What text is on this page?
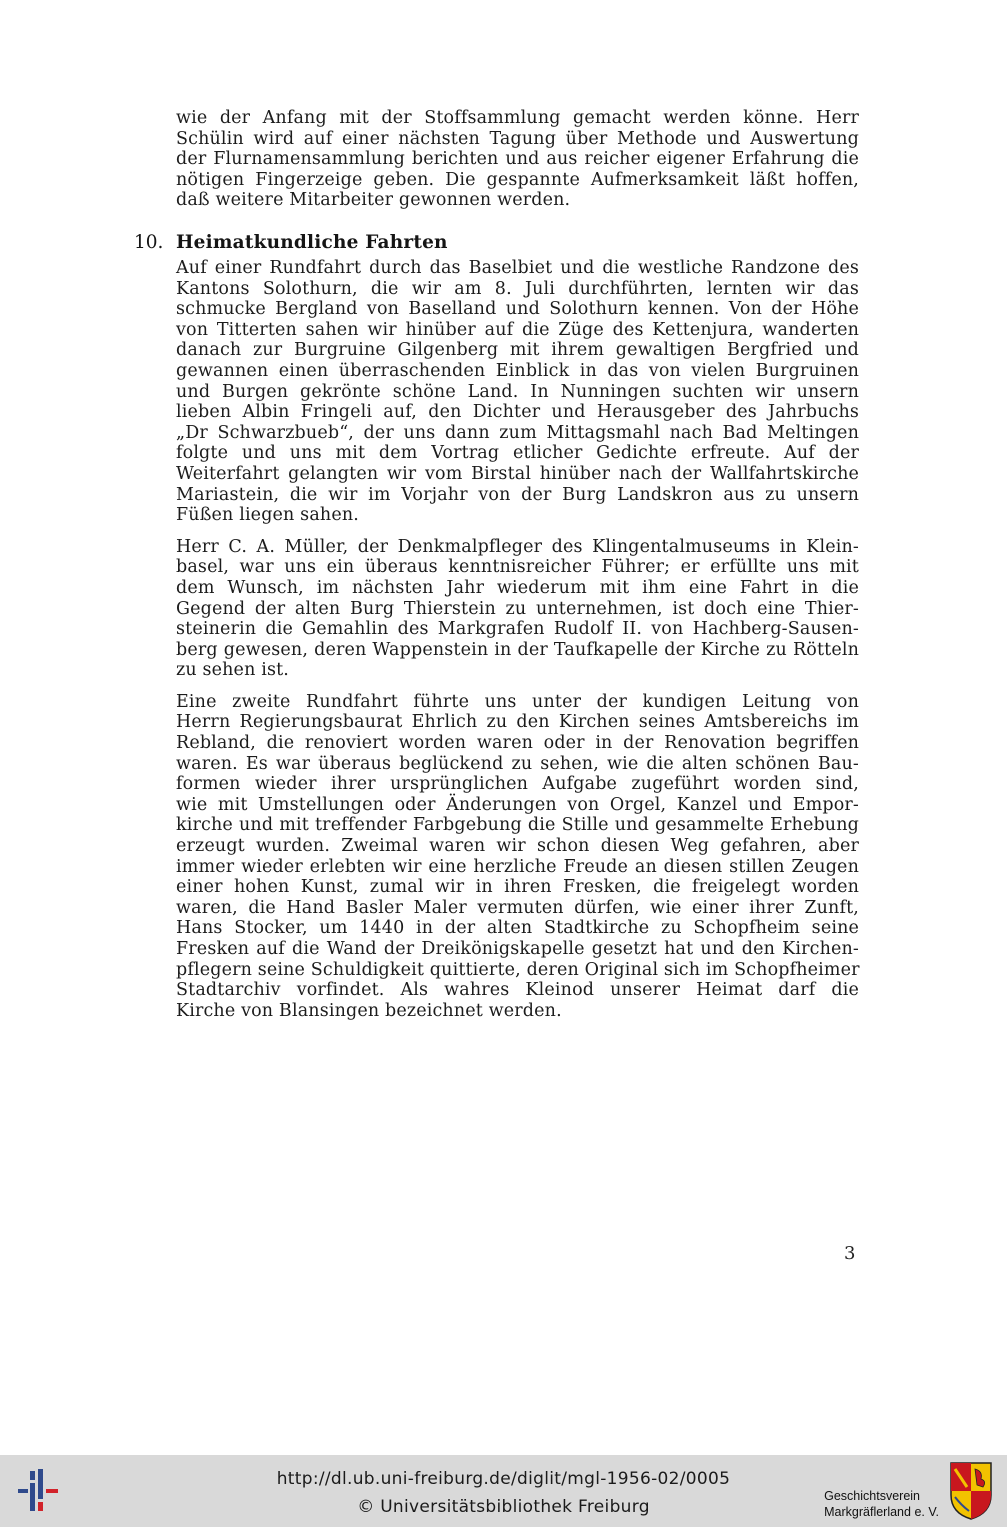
wie der Anfang mit der Stoffsammlung gemacht werden könne. Herr
Schülin wird auf einer nächsten Tagung über Methode und Auswertung
der Flurnamensammlung berichten und aus reicher eigener Erfahrung die
nötigen Fingerzeige geben. Die gespannte Aufmerksamkeit läßt hoffen,
daß weitere Mitarbeiter gewonnen werden.
10. Heimatkundliche Fahrten
Auf einer Rundfahrt durch das Baselbiet und die westliche Randzone des
Kantons Solothurn, die wir am 8. Juli durchführten, lernten wir das
schmucke Bergland von Baselland und Solothurn kennen. Von der Höhe
von Titterten sahen wir hinüber auf die Züge des Kettenjura, wanderten
danach zur Burgruine Gilgenberg mit ihrem gewaltigen Bergfried und
gewannen einen überraschenden Einblick in das von vielen Burgruinen
und Burgen gekrönte schöne Land. In Nunningen suchten wir unsern
lieben Albin Fringeli auf, den Dichter und Herausgeber des Jahrbuchs
„Dr Schwarzbueb“, der uns dann zum Mittagsmahl nach Bad Meltingen
folgte und uns mit dem Vortrag etlicher Gedichte erfreute. Auf der
Weiterfahrt gelangten wir vom Birstal hinüber nach der Wallfahrtskirche
Mariastein, die wir im Vorjahr von der Burg Landskron aus zu unsern
Füßen liegen sahen.
Herr C. A. Müller, der Denkmalpfleger des Klingentalmuseums in Klein-
basel, war uns ein überaus kenntnisreicher Führer; er erfüllte uns mit
dem Wunsch, im nächsten Jahr wiederum mit ihm eine Fahrt in die
Gegend der alten Burg Thierstein zu unternehmen, ist doch eine Thier-
steinerin die Gemahlin des Markgrafen Rudolf II. von Hachberg-Sausen-
berg gewesen, deren Wappenstein in der Taufkapelle der Kirche zu Rötteln
zu sehen ist.
Eine zweite Rundfahrt führte uns unter der kundigen Leitung von
Herrn Regierungsbaurat Ehrlich zu den Kirchen seines Amtsbereichs im
Rebland, die renoviert worden waren oder in der Renovation begriffen
waren. Es war überaus beglückend zu sehen, wie die alten schönen Bau-
formen wieder ihrer ursprünglichen Aufgabe zugeführt worden sind,
wie mit Umstellungen oder Änderungen von Orgel, Kanzel und Empor-
kirche und mit treffender Farbgebung die Stille und gesammelte Erhebung
erzeugt wurden. Zweimal waren wir schon diesen Weg gefahren, aber
immer wieder erlebten wir eine herzliche Freude an diesen stillen Zeugen
einer hohen Kunst, zumal wir in ihren Fresken, die freigelegt worden
waren, die Hand Basler Maler vermuten dürfen, wie einer ihrer Zunft,
Hans Stocker, um 1440 in der alten Stadtkirche zu Schopfheim seine
Fresken auf die Wand der Dreikönigskapelle gesetzt hat und den Kirchen-
pflegern seine Schuldigkeit quittierte, deren Original sich im Schopfheimer
Stadtarchiv vorfindet. Als wahres Kleinod unserer Heimat darf die
Kirche von Blansingen bezeichnet werden.
3
http://dl.ub.uni-freiburg.de/diglit/mgl-1956-02/0005
© Universitätsbibliothek Freiburg
Geschichtsverein
Markgräflerland e. V.
